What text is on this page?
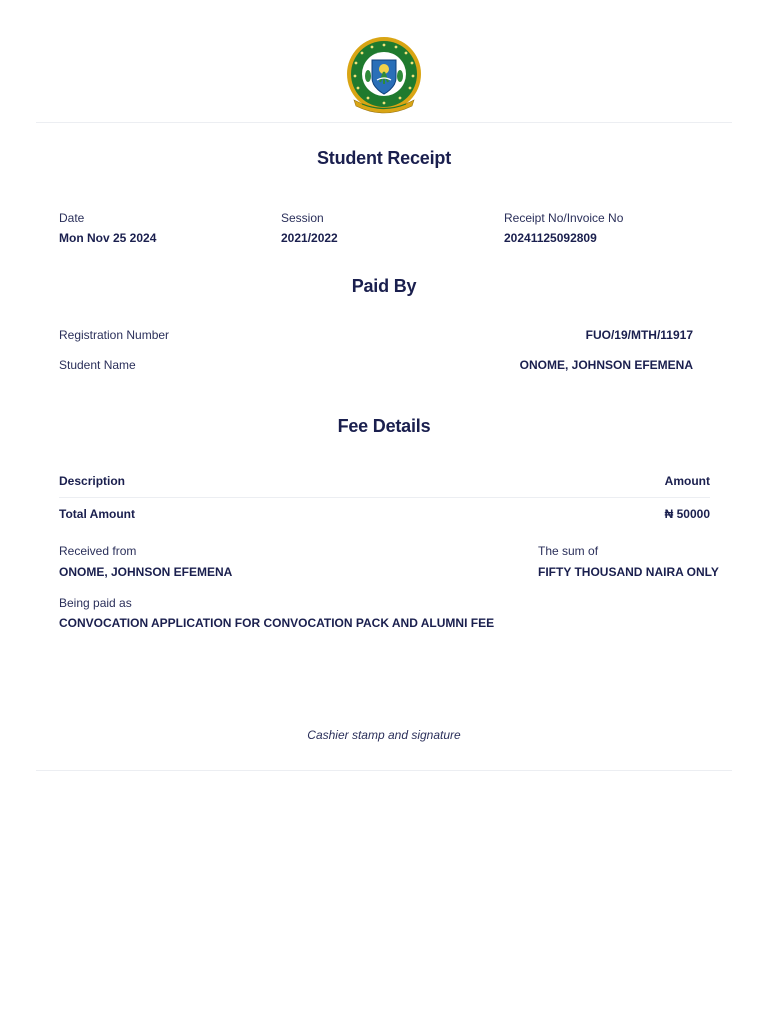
Student Receipt
Date
Mon Nov 25 2024
Session
2021/2022
Receipt No/Invoice No
20241125092809
Paid By
Registration Number	FUO/19/MTH/11917
Student Name	ONOME, JOHNSON EFEMENA
Fee Details
Description	Amount
Total Amount	₦ 50000
Received from
ONOME, JOHNSON EFEMENA
The sum of
FIFTY THOUSAND NAIRA ONLY
Being paid as
CONVOCATION APPLICATION FOR CONVOCATION PACK AND ALUMNI FEE
Cashier stamp and signature
